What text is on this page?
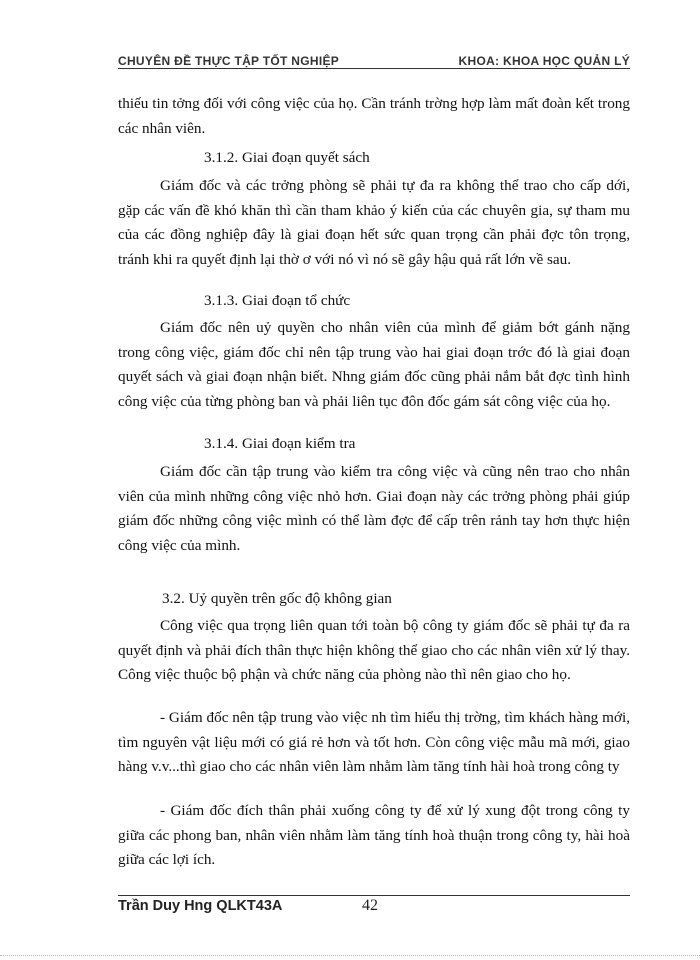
CHUYÊN ĐỀ THỰC TẬP TỐT NGHIỆP	KHOA: KHOA HỌC QUẢN LÝ

thiếu tin tởng đối với công việc của họ. Cần tránh trờng hợp làm mất đoàn kết trong các nhân viên.

3.1.2. Giai đoạn quyết sách

Giám đốc và các trởng phòng sẽ phải tự đa ra không thể trao cho cấp dới, gặp các vấn đề khó khăn thì cần tham khảo ý kiến của các chuyên gia, sự tham mu của các đồng nghiệp đây là giai đoạn hết sức quan trọng cần phải đợc tôn trọng, tránh khi ra quyết định lại thờ ơ với nó vì nó sẽ gây hậu quả rất lớn về sau.

3.1.3. Giai đoạn tổ chức

Giám đốc nên uỷ quyền cho nhân viên của mình để giảm bớt gánh nặng trong công việc, giám đốc chỉ nên tập trung vào hai giai đoạn trớc đó là giai đoạn quyết sách và giai đoạn nhận biết. Nhng giám đốc cũng phải nắm bắt đợc tình hình công việc của từng phòng ban và phải liên tục đôn đốc gám sát công việc của họ.

3.1.4. Giai đoạn kiểm tra

Giám đốc cần tập trung vào kiểm tra công việc và cũng nên trao cho nhân viên của mình những công việc nhỏ hơn. Giai đoạn này các trởng phòng phải giúp giám đốc những công việc mình có thể làm đợc để cấp trên rảnh tay hơn thực hiện công việc của mình.

3.2. Uỷ quyền trên gốc độ không gian

Công việc qua trọng liên quan tới toàn bộ công ty giám đốc sẽ phải tự đa ra quyết định và phải đích thân thực hiện không thể giao cho các nhân viên xử lý thay. Công việc thuộc bộ phận và chức năng của phòng nào thì nên giao cho họ.

- Giám đốc nên tập trung vào việc nh tìm hiểu thị trờng, tìm khách hàng mới, tìm nguyên vật liệu mới có giá rẻ hơn và tốt hơn. Còn công việc mẫu mã mới, giao hàng v.v...thì giao cho các nhân viên làm nhằm làm tăng tính hài hoà trong công ty

- Giám đốc đích thân phải xuống công ty để xử lý xung đột trong công ty giữa các phong ban, nhân viên nhằm làm tăng tính hoà thuận trong công ty, hài hoà giữa các lợi ích.

Trần Duy Hng QLKT43A	42
